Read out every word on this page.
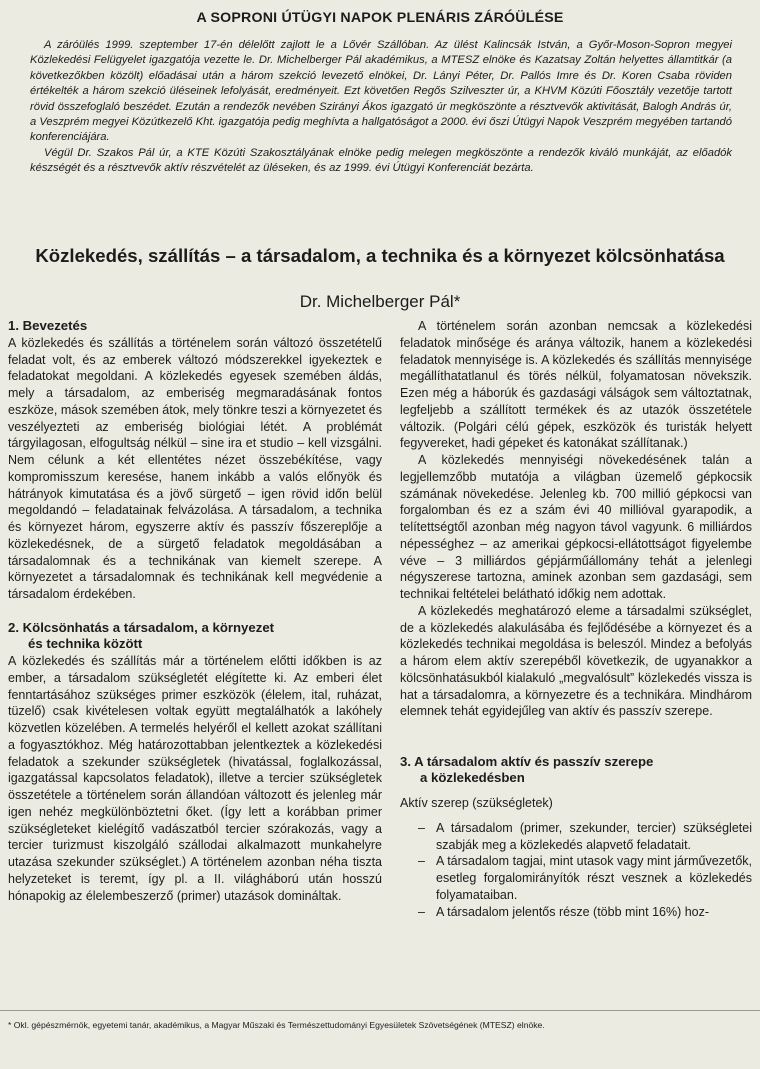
A SOPRONI ÚTÜGYI NAPOK PLENÁRIS ZÁRÓÜLÉSE

A záróülés 1999. szeptember 17-én délelőtt zajlott le a Lővér Szállóban. Az ülést Kalincsák István, a Győr-Moson-Sopron megyei Közlekedési Felügyelet igazgatója vezette le. Dr. Michelberger Pál akadémikus, a MTESZ elnöke és Kazatsay Zoltán helyettes államtitkár (a következőkben közölt) előadásai után a három szekció levezető elnökei, Dr. Lányi Péter, Dr. Pallós Imre és Dr. Koren Csaba röviden értékelték a három szekció üléseinek lefolyását, eredményeit. Ezt követően Regős Szilveszter úr, a KHVM Közúti Főosztály vezetője tartott rövid összefoglaló beszédet. Ezután a rendezők nevében Szirányi Ákos igazgató úr megköszönte a résztvevők aktivitását, Balogh András úr, a Veszprém megyei Közútkezelő Kht. igazgatója pedig meghívta a hallgatóságot a 2000. évi őszi Útügyi Napok Veszprém megyében tartandó konferenciájára.

Végül Dr. Szakos Pál úr, a KTE Közúti Szakosztályának elnöke pedig melegen megköszönte a rendezők kiváló munkáját, az előadók készségét és a résztvevők aktív részvételét az üléseken, és az 1999. évi Útügyi Konferenciát bezárta.

Közlekedés, szállítás – a társadalom, a technika és a környezet kölcsönhatása
Dr. Michelberger Pál*
1. Bevezetés

A közlekedés és szállítás a történelem során változó összetételű feladat volt, és az emberek változó módszerekkel igyekeztek e feladatokat megoldani. A közlekedés egyesek szemében áldás, mely a társadalom, az emberiség megmaradásának fontos eszköze, mások szemében átok, mely tönkre teszi a környezetet és veszélyezteti az emberiség biológiai létét. A problémát tárgyilagosan, elfogultság nélkül – sine ira et studio – kell vizsgálni. Nem célunk a két ellentétes nézet összebékítése, vagy kompromisszum keresése, hanem inkább a valós előnyök és hátrányok kimutatása és a jövő sürgető – igen rövid időn belül megoldandó – feladatainak felvázolása. A társadalom, a technika és környezet három, egyszerre aktív és passzív főszereplője a közlekedésnek, de a sürgető feladatok megoldásában a társadalomnak és a technikának van kiemelt szerepe. A környezetet a társadalomnak és technikának kell megvédenie a társadalom érdekében.

2. Kölcsönhatás a társadalom, a környezet
és technika között

A közlekedés és szállítás már a történelem előtti időkben is az ember, a társadalom szükségletét elégítette ki. Az emberi élet fenntartásához szükséges primer eszközök (élelem, ital, ruházat, tüzelő) csak kivételesen voltak együtt megtalálhatók a lakóhely közvetlen közelében. A termelés helyéről el kellett azokat szállítani a fogyasztókhoz. Még határozottabban jelentkeztek a közlekedési feladatok a szekunder szükségletek (hivatással, foglalkozással, igazgatással kapcsolatos feladatok), illetve a tercier szükségletek összetétele a történelem során állandóan változott és jelenleg már igen nehéz megkülönböztetni őket. (Így lett a korábban primer szükségleteket kielégítő vadászatból tercier szórakozás, vagy a tercier turizmust kiszolgáló szállodai alkalmazott munkahelyre utazása szekunder szükséglet.) A történelem azonban néha tiszta helyzeteket is teremt, így pl. a II. világháború után hosszú hónapokig az élelembeszerző (primer) utazások domináltak.

A történelem során azonban nemcsak a közlekedési feladatok minősége és aránya változik, hanem a közlekedési feladatok mennyisége is. A közlekedés és szállítás mennyisége megállíthatatlanul és törés nélkül, folyamatosan növekszik. Ezen még a háborúk és gazdasági válságok sem változtatnak, legfeljebb a szállított termékek és az utazók összetétele változik. (Polgári célú gépek, eszközök és turisták helyett fegyvereket, hadi gépeket és katonákat szállítanak.)

A közlekedés mennyiségi növekedésének talán a legjellemzőbb mutatója a világban üzemelő gépkocsik számának növekedése. Jelenleg kb. 700 millió gépkocsi van forgalomban és ez a szám évi 40 millióval gyarapodik, a telítettségtől azonban még nagyon távol vagyunk. 6 milliárdos népességhez – az amerikai gépkocsi-ellátottságot figyelembe véve – 3 milliárdos gépjárműállomány tehát a jelenlegi négyszerese tartozna, aminek azonban sem gazdasági, sem technikai feltételei belátható időkig nem adottak.

A közlekedés meghatározó eleme a társadalmi szükséglet, de a közlekedés alakulásába és fejlődésébe a környezet és a közlekedés technikai megoldása is beleszól. Mindez a befolyás a három elem aktív szerepéből következik, de ugyanakkor a kölcsönhatásukból kialakuló „megvalósult” közlekedés vissza is hat a társadalomra, a környezetre és a technikára. Mindhárom elemnek tehát egyidejűleg van aktív és passzív szerepe.

3. A társadalom aktív és passzív szerepe
a közlekedésben

Aktív szerep (szükségletek)

– A társadalom (primer, szekunder, tercier) szükségletei szabják meg a közlekedés alapvető feladatait.
– A társadalom tagjai, mint utasok vagy mint járművezetők, esetleg forgalomirányítók részt vesznek a közlekedés folyamataiban.
– A társadalom jelentős része (több mint 16%) hoz-
* Okl. gépészmérnök, egyetemi tanár, akadémikus, a Magyar Műszaki és Természettudományi Egyesületek Szövetségének (MTESZ) elnöke.
